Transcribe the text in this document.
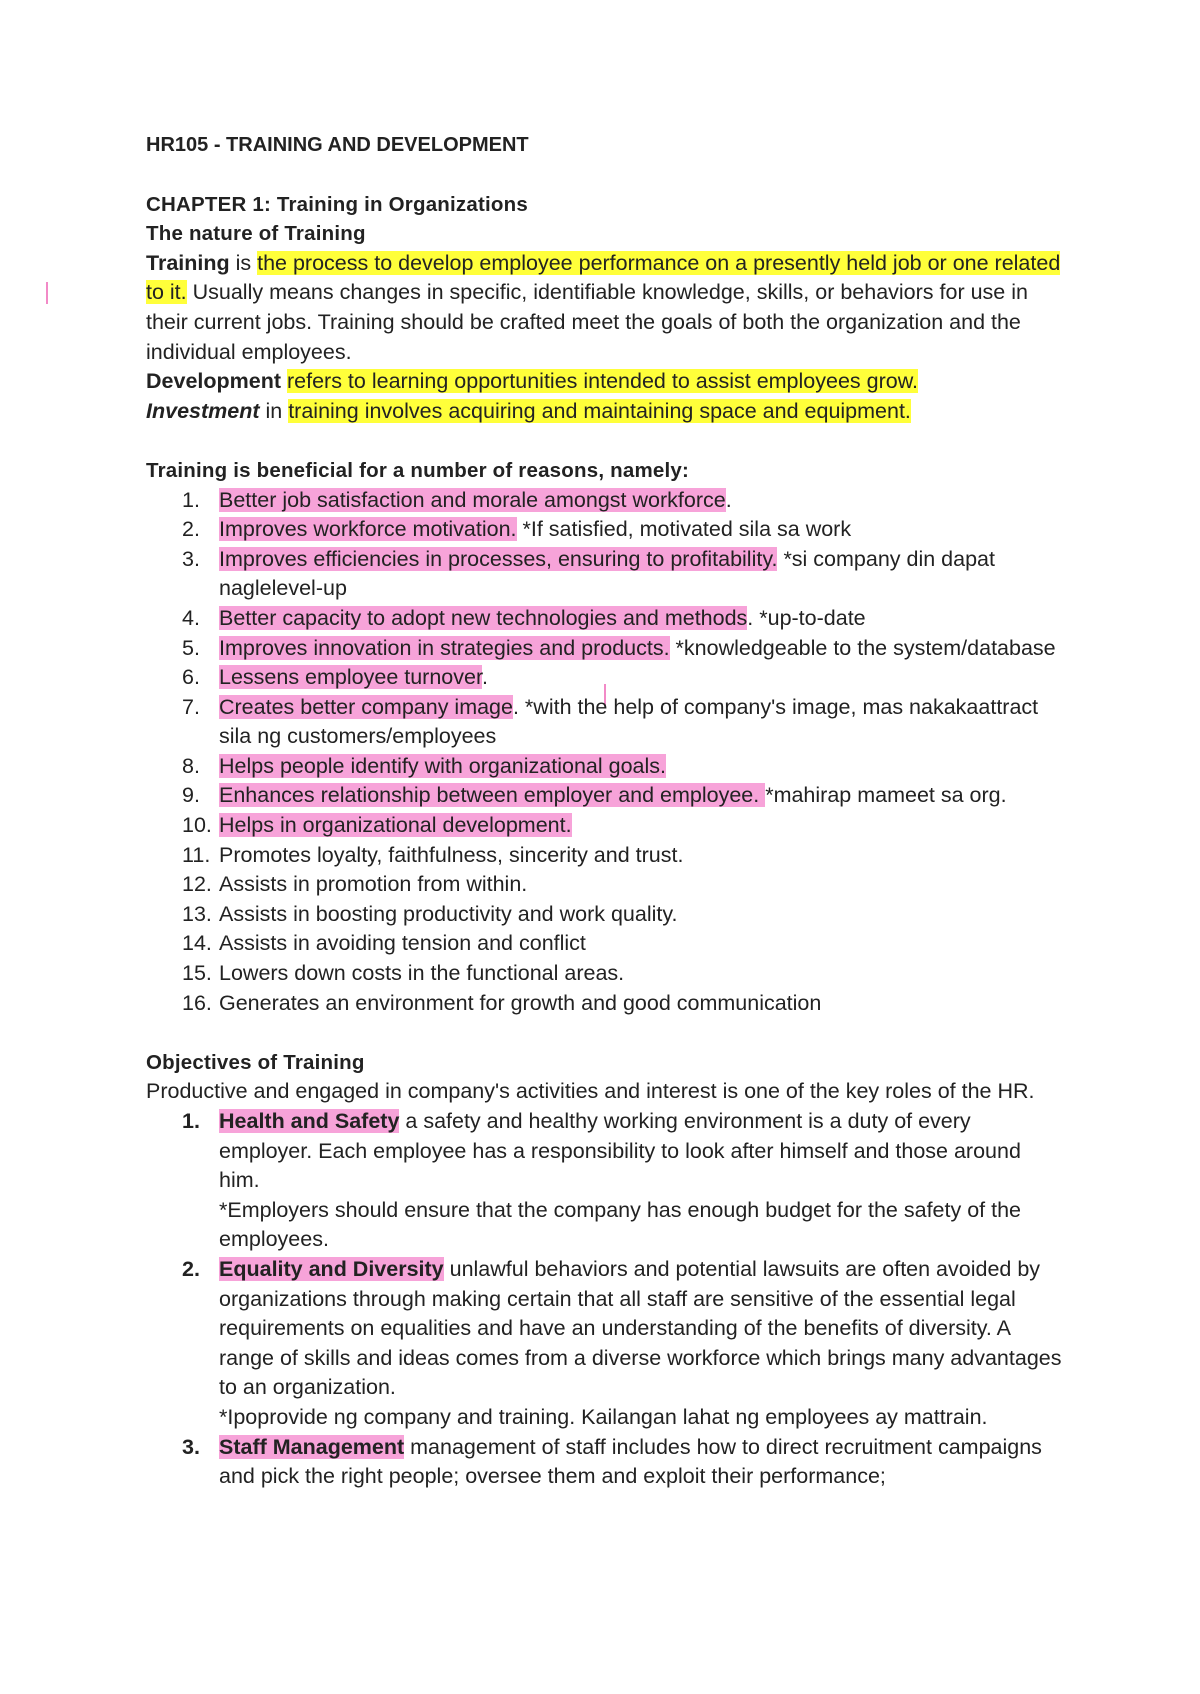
HR105 - TRAINING AND DEVELOPMENT

CHAPTER 1: Training in Organizations

The nature of Training

Training is the process to develop employee performance on a presently held job or one related to it. Usually means changes in specific, identifiable knowledge, skills, or behaviors for use in their current jobs. Training should be crafted meet the goals of both the organization and the individual employees.

Development refers to learning opportunities intended to assist employees grow.

Investment in training involves acquiring and maintaining space and equipment.

Training is beneficial for a number of reasons, namely:

1. Better job satisfaction and morale amongst workforce.
2. Improves workforce motivation. *If satisfied, motivated sila sa work
3. Improves efficiencies in processes, ensuring to profitability. *si company din dapat naglelevel-up
4. Better capacity to adopt new technologies and methods. *up-to-date
5. Improves innovation in strategies and products. *knowledgeable to the system/database
6. Lessens employee turnover.
7. Creates better company image. *with the help of company's image, mas nakakaattract sila ng customers/employees
8. Helps people identify with organizational goals.
9. Enhances relationship between employer and employee. *mahirap mameet sa org.
10. Helps in organizational development.
11. Promotes loyalty, faithfulness, sincerity and trust.
12. Assists in promotion from within.
13. Assists in boosting productivity and work quality.
14. Assists in avoiding tension and conflict
15. Lowers down costs in the functional areas.
16. Generates an environment for growth and good communication

Objectives of Training

Productive and engaged in company's activities and interest is one of the key roles of the HR.

1. Health and Safety a safety and healthy working environment is a duty of every employer. Each employee has a responsibility to look after himself and those around him.
*Employers should ensure that the company has enough budget for the safety of the employees.
2. Equality and Diversity unlawful behaviors and potential lawsuits are often avoided by organizations through making certain that all staff are sensitive of the essential legal requirements on equalities and have an understanding of the benefits of diversity. A range of skills and ideas comes from a diverse workforce which brings many advantages to an organization.
*Ipoprovide ng company and training. Kailangan lahat ng employees ay mattrain.
3. Staff Management management of staff includes how to direct recruitment campaigns and pick the right people; oversee them and exploit their performance;
